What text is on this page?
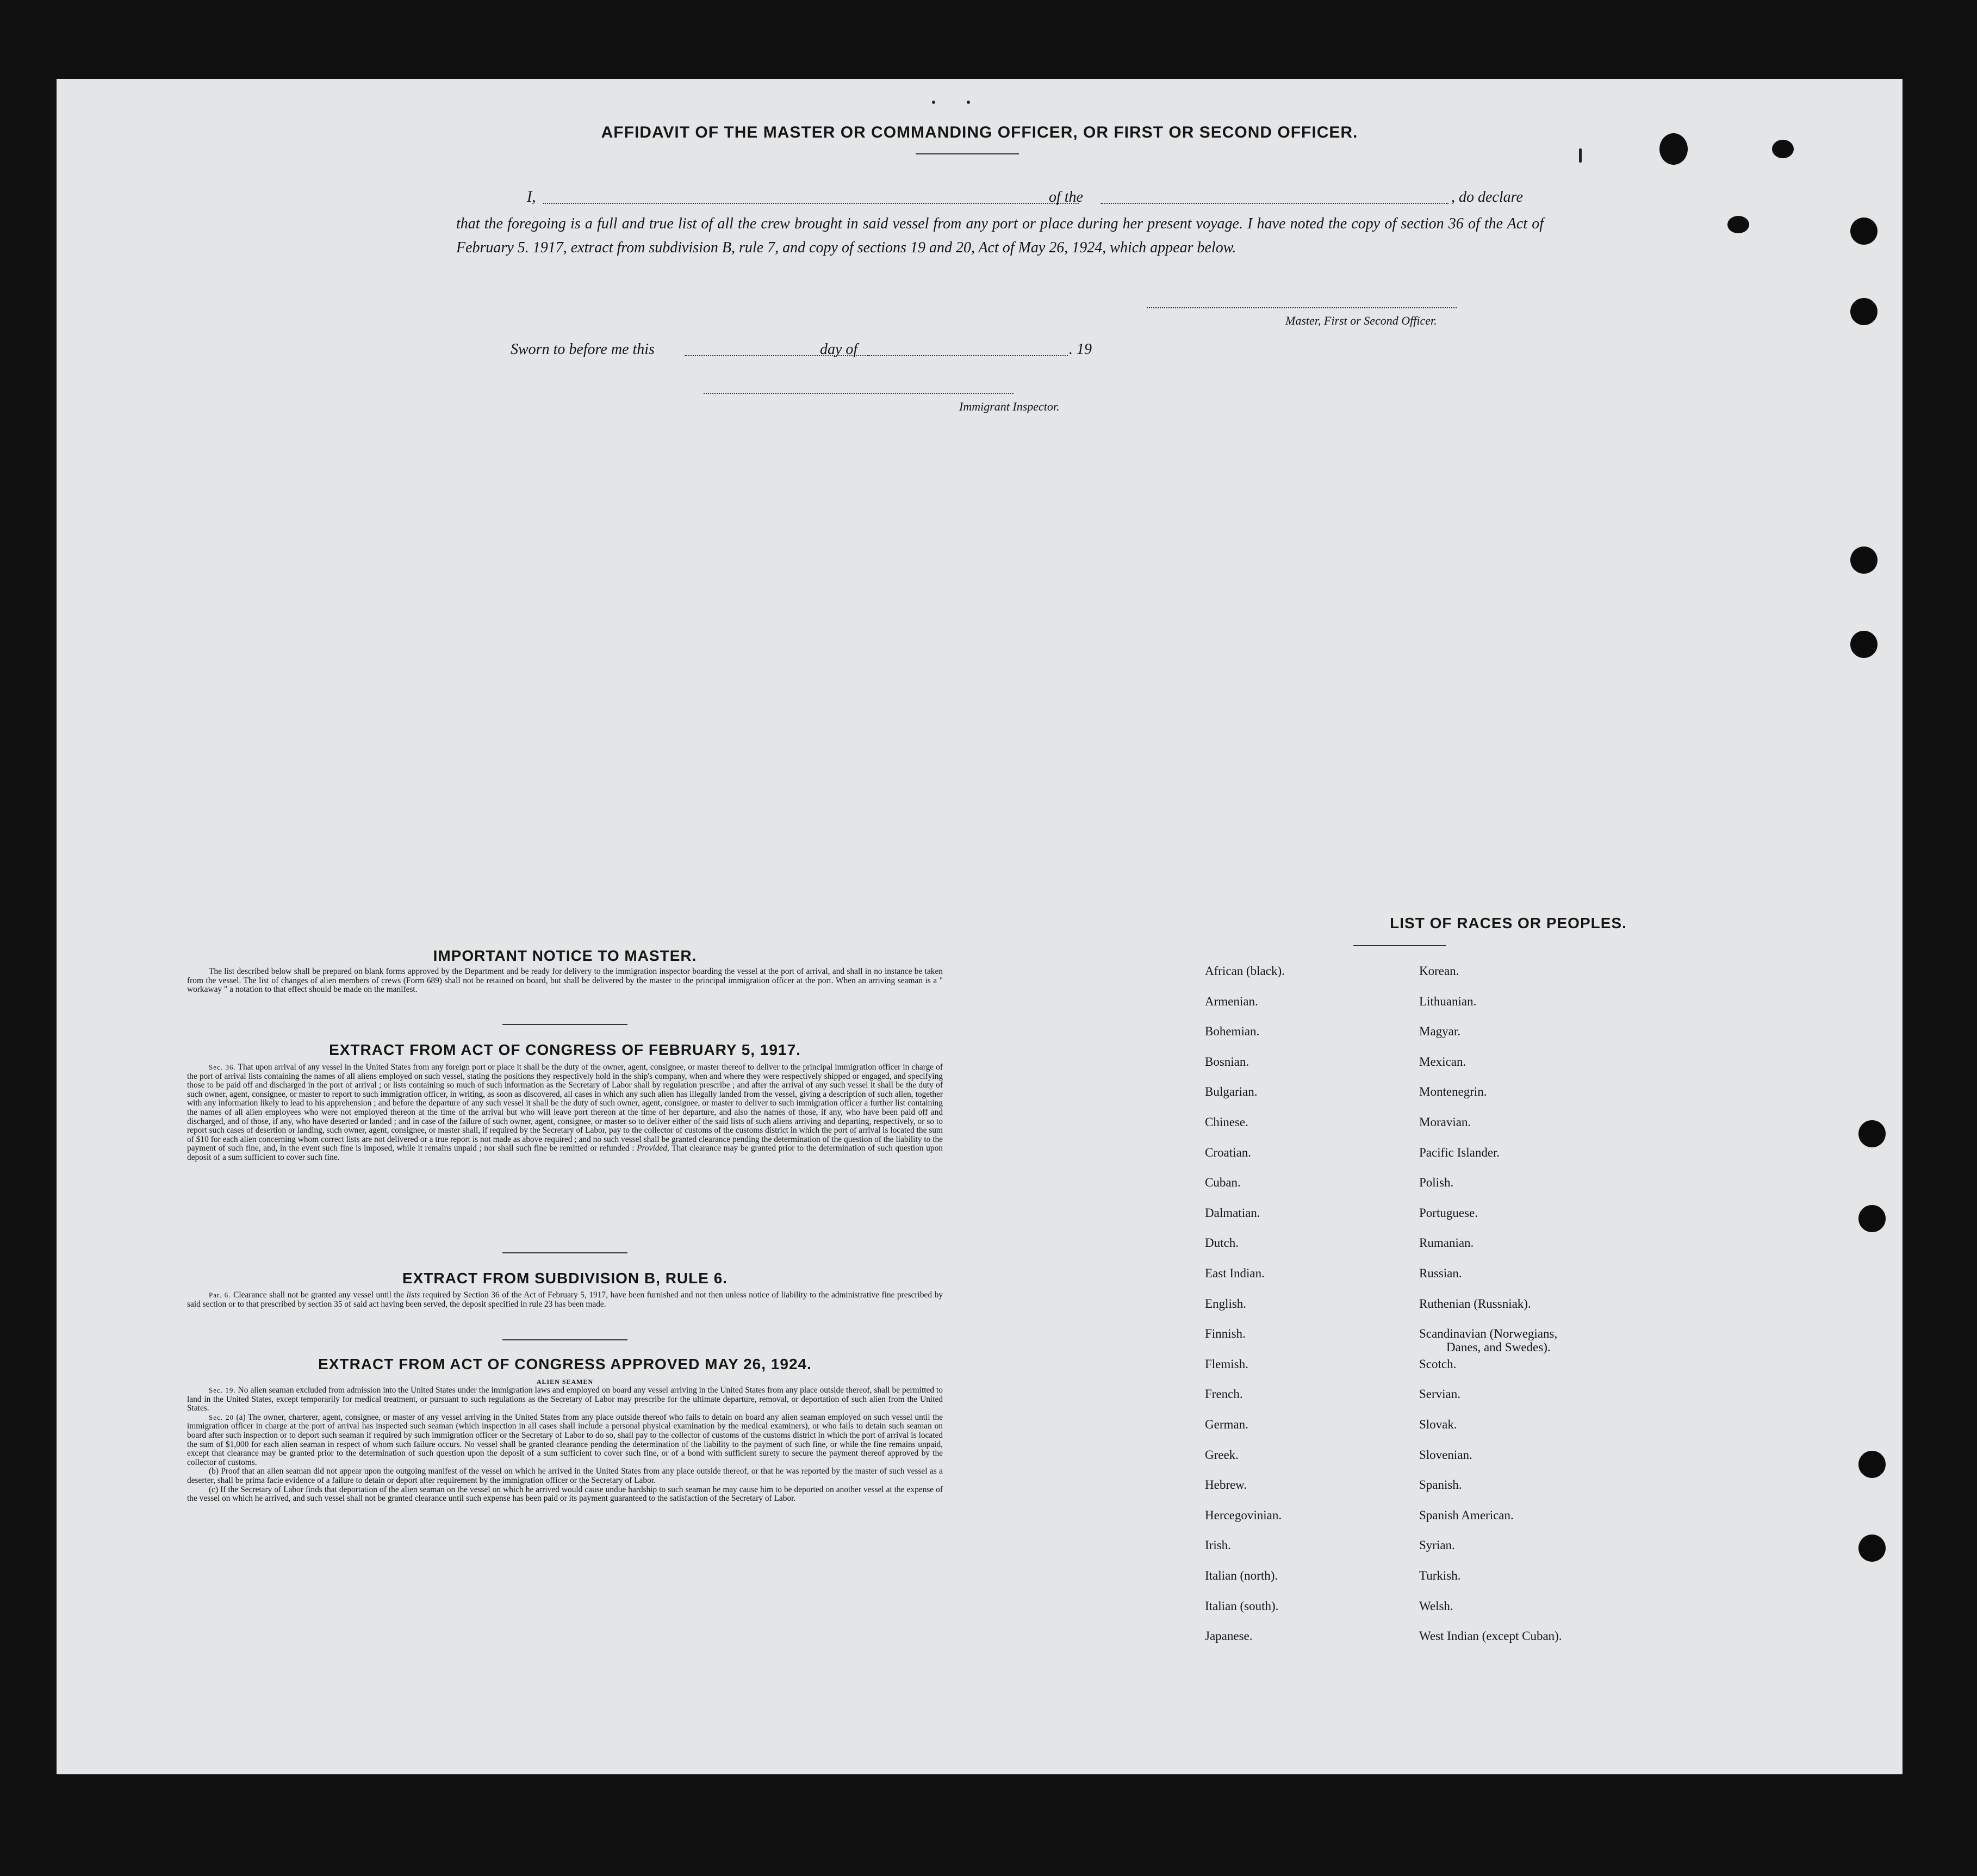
AFFIDAVIT OF THE MASTER OR COMMANDING OFFICER, OR FIRST OR SECOND OFFICER.
I,	of the	, do declare
that the foregoing is a full and true list of all the crew brought in said vessel from any port or place during her present voyage. I have noted the copy of section 36 of the Act of February 5. 1917, extract from subdivision B, rule 7, and copy of sections 19 and 20, Act of May 26, 1924, which appear below.
Master, First or Second Officer.
Sworn to before me this	day of	. 19
Immigrant Inspector.
IMPORTANT NOTICE TO MASTER.

The list described below shall be prepared on blank forms approved by the Department and be ready for delivery to the immigration inspector boarding the vessel at the port of arrival, and shall in no instance be taken from the vessel. The list of changes of alien members of crews (Form 689) shall not be retained on board, but shall be delivered by the master to the principal immigration officer at the port. When an arriving seaman is a " workaway " a notation to that effect should be made on the manifest.

EXTRACT FROM ACT OF CONGRESS OF FEBRUARY 5, 1917.

Sec. 36. That upon arrival of any vessel in the United States from any foreign port or place it shall be the duty of the owner, agent, consignee, or master thereof to deliver to the principal immigration officer in charge of the port of arrival lists containing the names of all aliens employed on such vessel, stating the positions they respectively hold in the ship's company, when and where they were respectively shipped or engaged, and specifying those to be paid off and discharged in the port of arrival ; or lists containing so much of such information as the Secretary of Labor shall by regulation prescribe ; and after the arrival of any such vessel it shall be the duty of such owner, agent, consignee, or master to report to such immigration officer, in writing, as soon as discovered, all cases in which any such alien has illegally landed from the vessel, giving a description of such alien, together with any information likely to lead to his apprehension ; and before the departure of any such vessel it shall be the duty of such owner, agent, consignee, or master to deliver to such immigration officer a further list containing the names of all alien employees who were not employed thereon at the time of the arrival but who will leave port thereon at the time of her departure, and also the names of those, if any, who have been paid off and discharged, and of those, if any, who have deserted or landed ; and in case of the failure of such owner, agent, consignee, or master so to deliver either of the said lists of such aliens arriving and departing, respectively, or so to report such cases of desertion or landing, such owner, agent, consignee, or master shall, if required by the Secretary of Labor, pay to the collector of customs of the customs district in which the port of arrival is located the sum of $10 for each alien concerning whom correct lists are not delivered or a true report is not made as above required ; and no such vessel shall be granted clearance pending the determination of the question of the liability to the payment of such fine, and, in the event such fine is imposed, while it remains unpaid ; nor shall such fine be remitted or refunded : Provided, That clearance may be granted prior to the determination of such question upon deposit of a sum sufficient to cover such fine.

EXTRACT FROM SUBDIVISION B, RULE 6.

Par. 6. Clearance shall not be granted any vessel until the lists required by Section 36 of the Act of February 5, 1917, have been furnished and not then unless notice of liability to the administrative fine prescribed by said section or to that prescribed by section 35 of said act having been served, the deposit specified in rule 23 has been made.

EXTRACT FROM ACT OF CONGRESS APPROVED MAY 26, 1924.
ALIEN SEAMEN

Sec. 19. No alien seaman excluded from admission into the United States under the immigration laws and employed on board any vessel arriving in the United States from any place outside thereof, shall be permitted to land in the United States, except temporarily for medical treatment, or pursuant to such regulations as the Secretary of Labor may prescribe for the ultimate departure, removal, or deportation of such alien from the United States.

Sec. 20 (a) The owner, charterer, agent, consignee, or master of any vessel arriving in the United States from any place outside thereof who fails to detain on board any alien seaman employed on such vessel until the immigration officer in charge at the port of arrival has inspected such seaman (which inspection in all cases shall include a personal physical examination by the medical examiners), or who fails to detain such seaman on board after such inspection or to deport such seaman if required by such immigration officer or the Secretary of Labor to do so, shall pay to the collector of customs of the customs district in which the port of arrival is located the sum of $1,000 for each alien seaman in respect of whom such failure occurs. No vessel shall be granted clearance pending the determination of the liability to the payment of such fine, or while the fine remains unpaid, except that clearance may be granted prior to the determination of such question upon the deposit of a sum sufficient to cover such fine, or of a bond with sufficient surety to secure the payment thereof approved by the collector of customs.

(b) Proof that an alien seaman did not appear upon the outgoing manifest of the vessel on which he arrived in the United States from any place outside thereof, or that he was reported by the master of such vessel as a deserter, shall be prima facie evidence of a failure to detain or deport after requirement by the immigration officer or the Secretary of Labor.

(c) If the Secretary of Labor finds that deportation of the alien seaman on the vessel on which he arrived would cause undue hardship to such seaman he may cause him to be deported on another vessel at the expense of the vessel on which he arrived, and such vessel shall not be granted clearance until such expense has been paid or its payment guaranteed to the satisfaction of the Secretary of Labor.

LIST OF RACES OR PEOPLES.
African (black).
Armenian.
Bohemian.
Bosnian.
Bulgarian.
Chinese.
Croatian.
Cuban.
Dalmatian.
Dutch.
East Indian.
English.
Finnish.
Flemish.
French.
German.
Greek.
Hebrew.
Hercegovinian.
Irish.
Italian (north).
Italian (south).
Japanese.
Korean.
Lithuanian.
Magyar.
Mexican.
Montenegrin.
Moravian.
Pacific Islander.
Polish.
Portuguese.
Rumanian.
Russian.
Ruthenian (Russniak).
Scandinavian (Norwegians,
Danes, and Swedes).
Scotch.
Servian.
Slovak.
Slovenian.
Spanish.
Spanish American.
Syrian.
Turkish.
Welsh.
West Indian (except Cuban).
